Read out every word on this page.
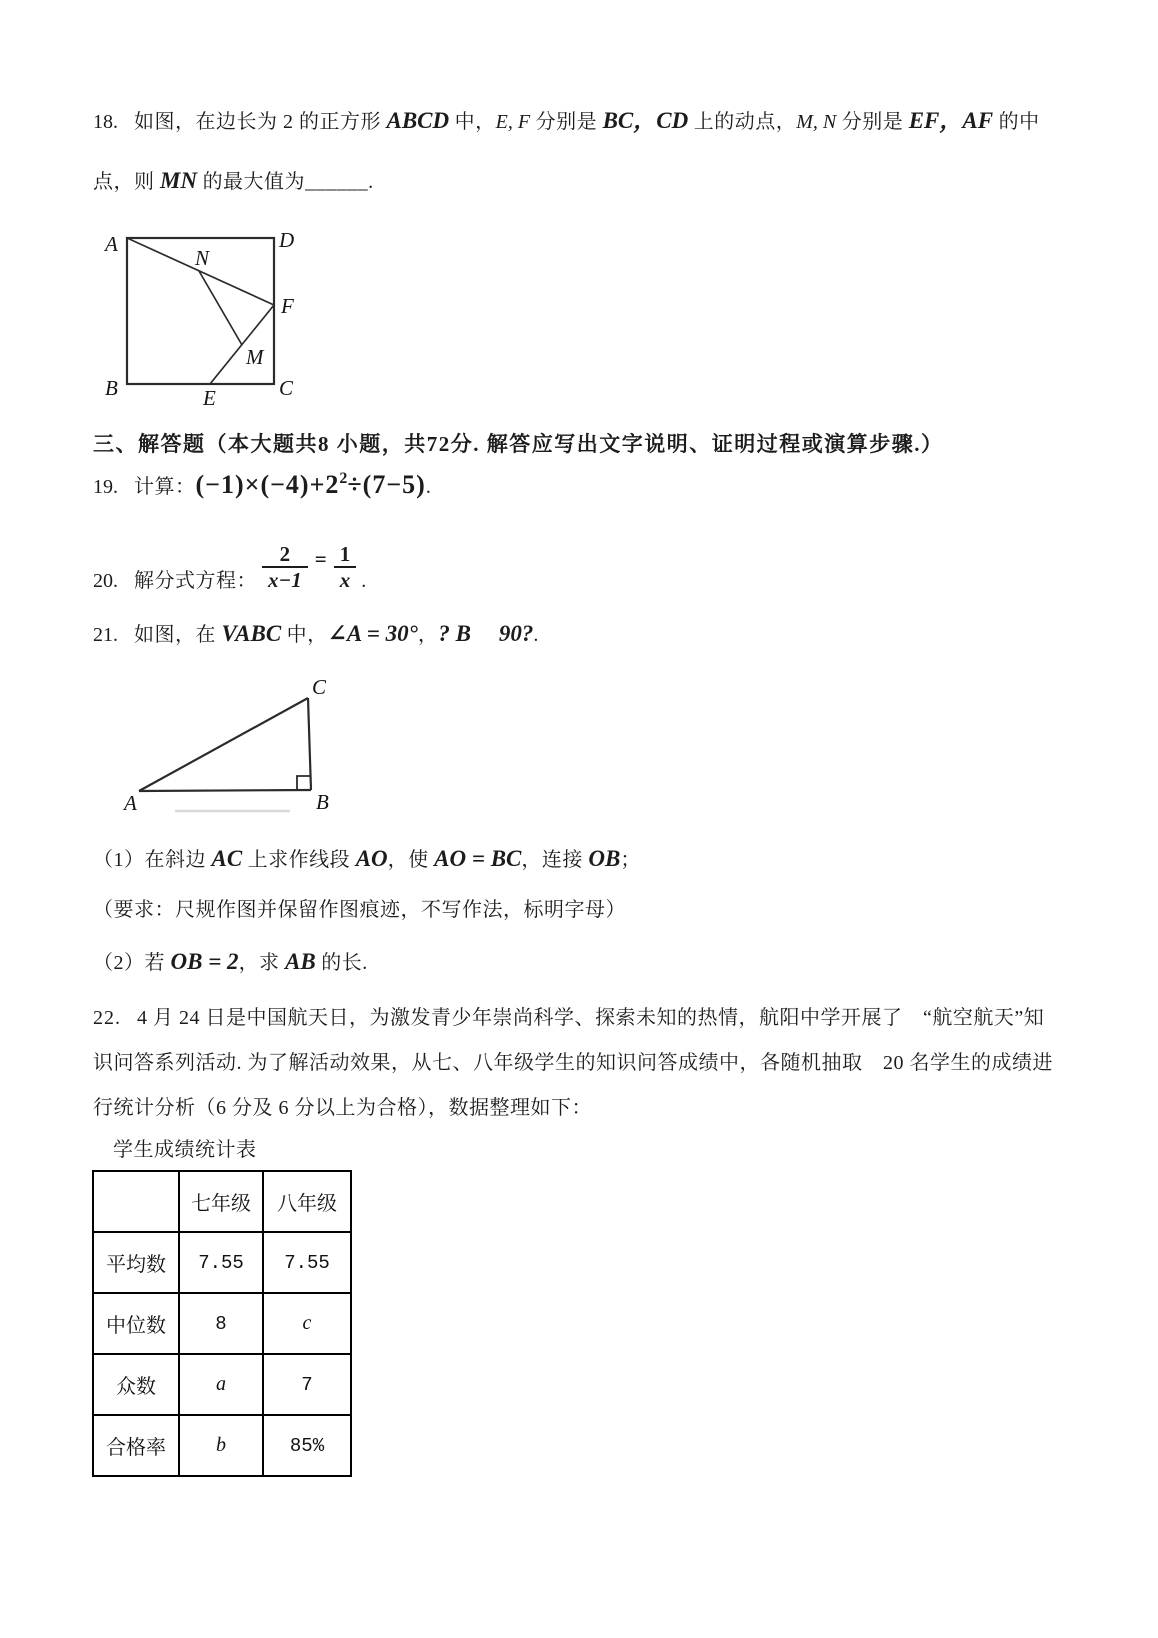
18. 如图，在边长为 2 的正方形 ABCD 中，E, F 分别是 BC，CD 上的动点，M, N 分别是 EF，AF 的中
点，则 MN 的最大值为______.
A	D
B	C
N
F
M
E
三、解答题（本大题共8 小题，共72分. 解答应写出文字说明、证明过程或演算步骤.）
19. 计算：$(-1)\times(-4)+2^2\div(7-5)$.
20. 解分式方程： $\frac{2}{x-1} = \frac{1}{x}$ .
21. 如图，在 VABC 中，∠A = 30°，? B 90?.
A	B
C
（1）在斜边 AC 上求作线段 AO，使 AO = BC，连接 OB；
（要求：尺规作图并保留作图痕迹，不写作法，标明字母）
（2）若 OB = 2，求 AB 的长.
22. 4 月 24 日是中国航天日，为激发青少年崇尚科学、探索未知的热情，航阳中学开展了　“航空航天”知
识问答系列活动. 为了解活动效果，从七、八年级学生的知识问答成绩中，各随机抽取　20 名学生的成绩进
行统计分析（6 分及 6 分以上为合格），数据整理如下：
学生成绩统计表
	七年级	八年级
平均数	7.55	7.55
中位数	8	c
众数	a	7
合格率	b	85%
